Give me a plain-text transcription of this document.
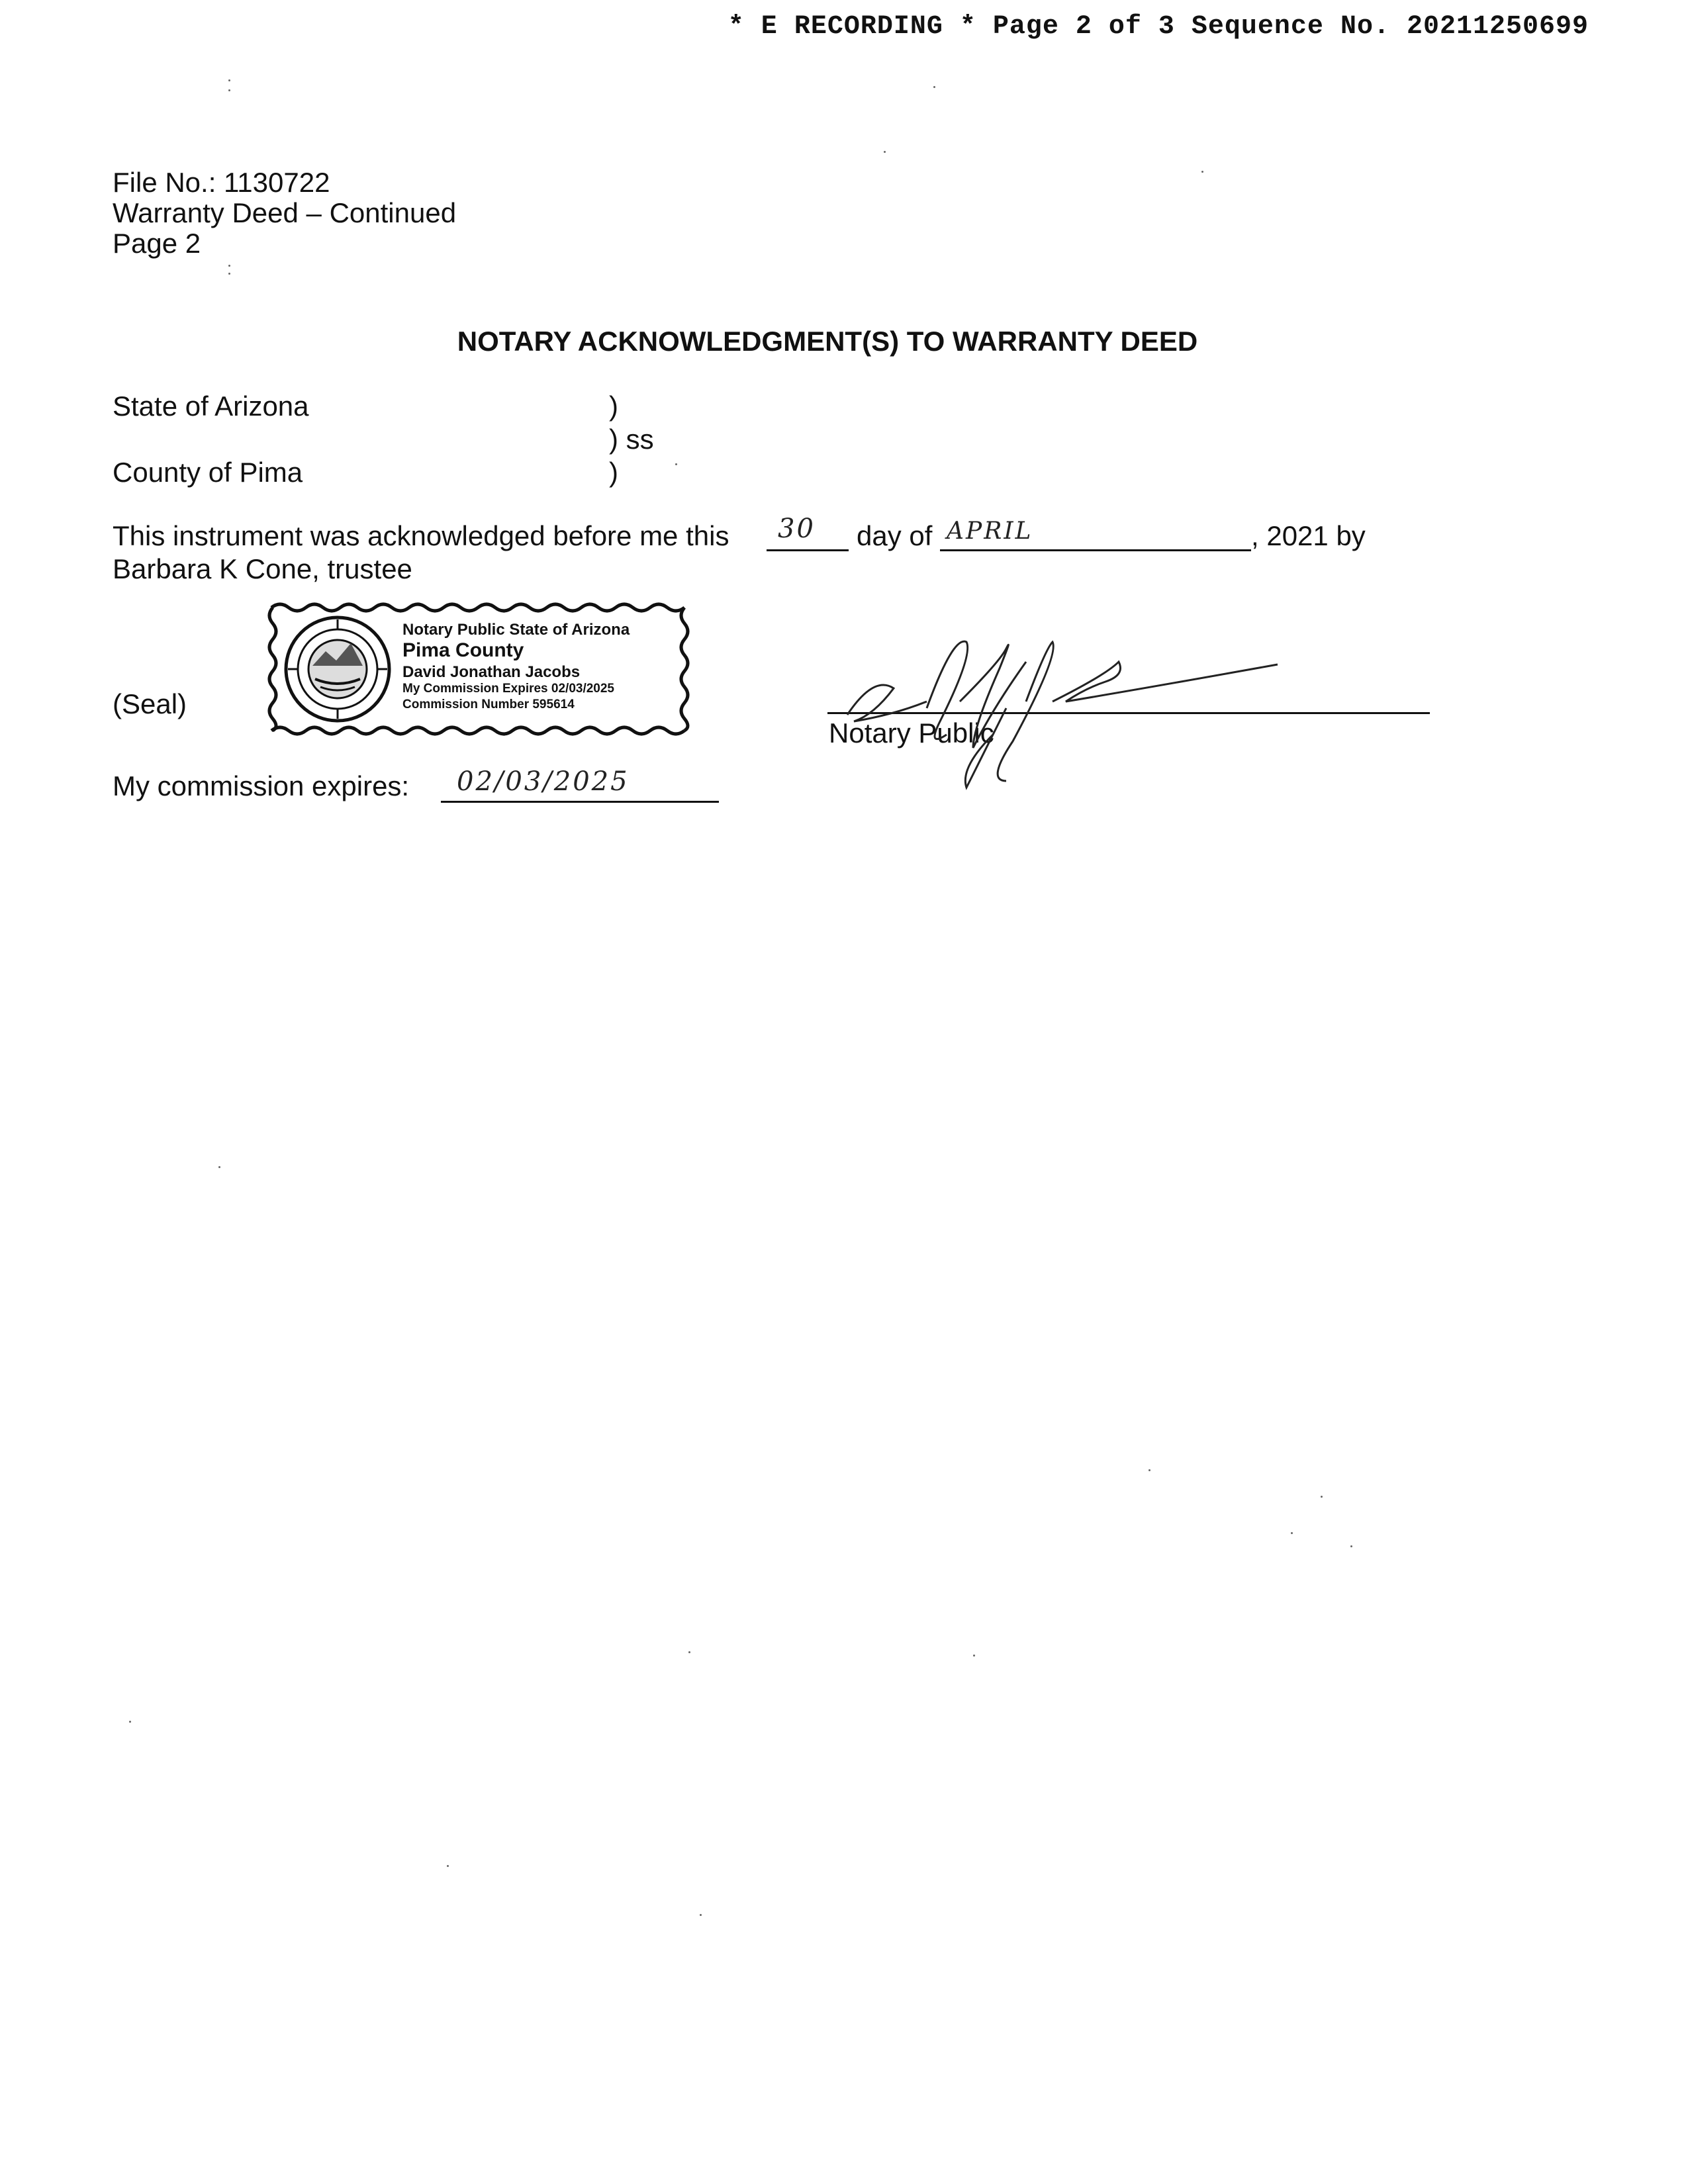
* E RECORDING * Page 2 of 3 Sequence No. 20211250699
File No.: 1130722
Warranty Deed – Continued
Page 2
NOTARY ACKNOWLEDGMENT(S) TO WARRANTY DEED
State of Arizona	)
) ss
County of Pima	)
This instrument was acknowledged before me this 30 day of APRIL	, 2021 by
Barbara K Cone, trustee
(Seal)
Notary Public State of Arizona
Pima County
David Jonathan Jacobs
My Commission Expires 02/03/2025
Commission Number 595614
Notary Public
My commission expires: 02/03/2025
